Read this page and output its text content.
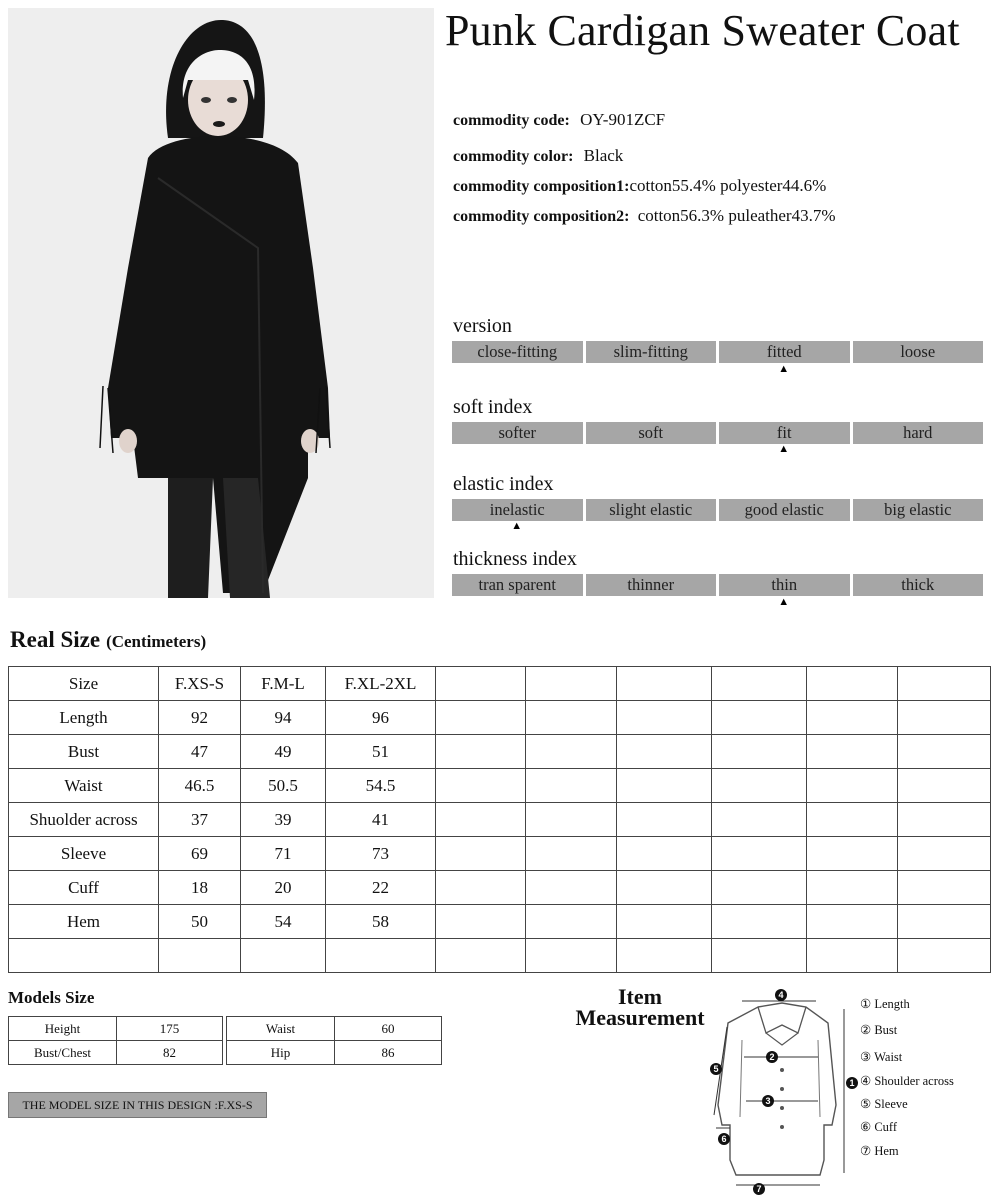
Punk Cardigan Sweater Coat
commodity code: OY-901ZCF
commodity color: Black
commodity composition1:cotton55.4% polyester44.6%
commodity composition2: cotton56.3% puleather43.7%
version
close-fitting	slim-fitting	fitted	loose
▲
soft index
softer	soft	fit	hard
▲
elastic index
inelastic	slight elastic	good elastic	big elastic
▲
thickness index
tran sparent	thinner	thin	thick
▲
Real Size (Centimeters)
Size	F.XS-S	F.M-L	F.XL-2XL						
Length	92	94	96						
Bust	47	49	51						
Waist	46.5	50.5	54.5						
Shuolder across	37	39	41						
Sleeve	69	71	73						
Cuff	18	20	22						
Hem	50	54	58						

Models Size
Height	175
Bust/Chest	82
Waist	60
Hip	86
THE MODEL SIZE IN THIS DESIGN :F.XS-S
Item
Measurement
4
2
3
1
5
6
7
① Length
② Bust
③ Waist
④ Shoulder across
⑤ Sleeve
⑥ Cuff
⑦ Hem
